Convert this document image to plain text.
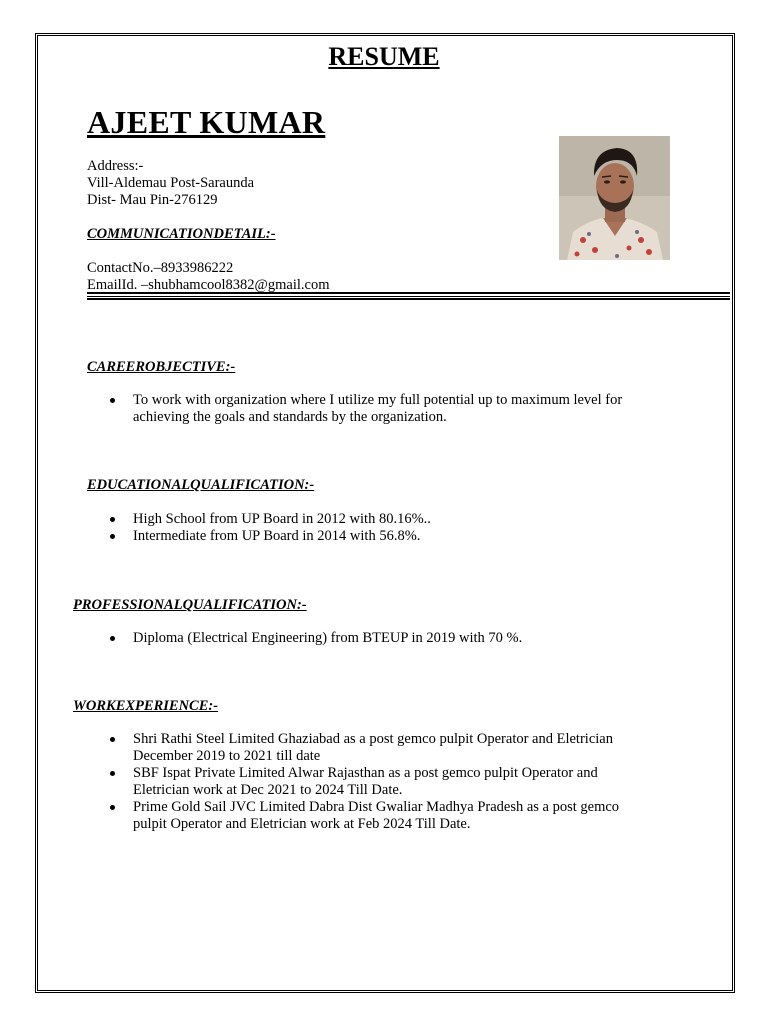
RESUME
AJEET KUMAR
Address:-
Vill-Aldemau Post-Saraunda
Dist- Mau Pin-276129
COMMUNICATIONDETAIL:-
ContactNo.–8933986222
EmailId. –shubhamcool8382@gmail.com
CAREEROBJECTIVE:-
To work with organization where I utilize my full potential up to maximum level for achieving the goals and standards by the organization.
EDUCATIONALQUALIFICATION:-
High School from UP Board in 2012 with 80.16%..
Intermediate from UP Board in 2014 with 56.8%.
PROFESSIONALQUALIFICATION:-
Diploma (Electrical Engineering) from BTEUP in 2019 with 70 %.
WORKEXPERIENCE:-
Shri Rathi Steel Limited Ghaziabad as a post gemco pulpit Operator and Eletrician December 2019 to 2021 till date
SBF Ispat Private Limited Alwar Rajasthan as a post gemco pulpit Operator and Eletrician work at Dec 2021 to 2024 Till Date.
Prime Gold Sail JVC Limited Dabra Dist Gwaliar Madhya Pradesh as a post gemco pulpit Operator and Eletrician work at Feb 2024 Till Date.
